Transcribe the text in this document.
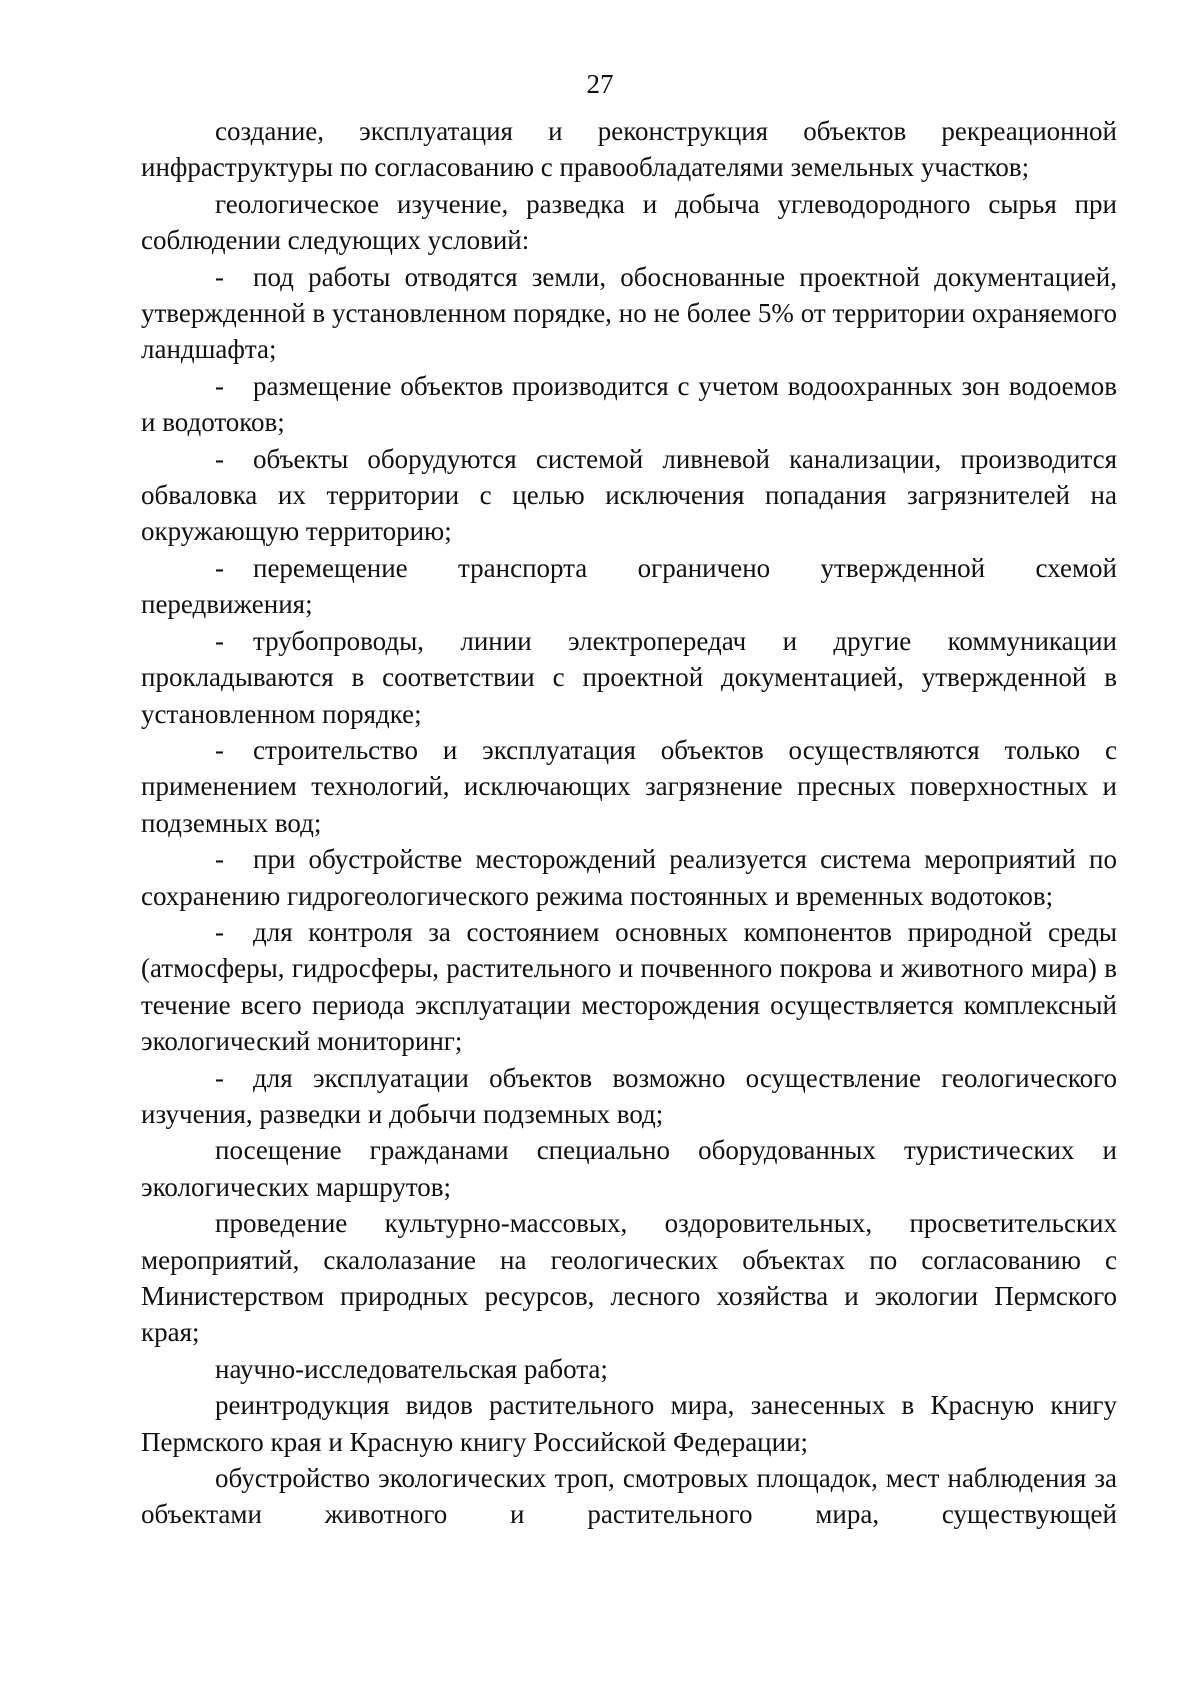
27

создание, эксплуатация и реконструкция объектов рекреационной инфраструктуры по согласованию с правообладателями земельных участков;

геологическое изучение, разведка и добыча углеводородного сырья при соблюдении следующих условий:

- под работы отводятся земли, обоснованные проектной документацией, утвержденной в установленном порядке, но не более 5% от территории охраняемого ландшафта;

- размещение объектов производится с учетом водоохранных зон водоемов и водотоков;

- объекты оборудуются системой ливневой канализации, производится обваловка их территории с целью исключения попадания загрязнителей на окружающую территорию;

- перемещение транспорта ограничено утвержденной схемой передвижения;

- трубопроводы, линии электропередач и другие коммуникации прокладываются в соответствии с проектной документацией, утвержденной в установленном порядке;

- строительство и эксплуатация объектов осуществляются только с применением технологий, исключающих загрязнение пресных поверхностных и подземных вод;

- при обустройстве месторождений реализуется система мероприятий по сохранению гидрогеологического режима постоянных и временных водотоков;

- для контроля за состоянием основных компонентов природной среды (атмосферы, гидросферы, растительного и почвенного покрова и животного мира) в течение всего периода эксплуатации месторождения осуществляется комплексный экологический мониторинг;

- для эксплуатации объектов возможно осуществление геологического изучения, разведки и добычи подземных вод;

посещение гражданами специально оборудованных туристических и экологических маршрутов;

проведение культурно-массовых, оздоровительных, просветительских мероприятий, скалолазание на геологических объектах по согласованию с Министерством природных ресурсов, лесного хозяйства и экологии Пермского края;

научно-исследовательская работа;

реинтродукция видов растительного мира, занесенных в Красную книгу Пермского края и Красную книгу Российской Федерации;

обустройство экологических троп, смотровых площадок, мест наблюдения за объектами животного и растительного мира, существующей
